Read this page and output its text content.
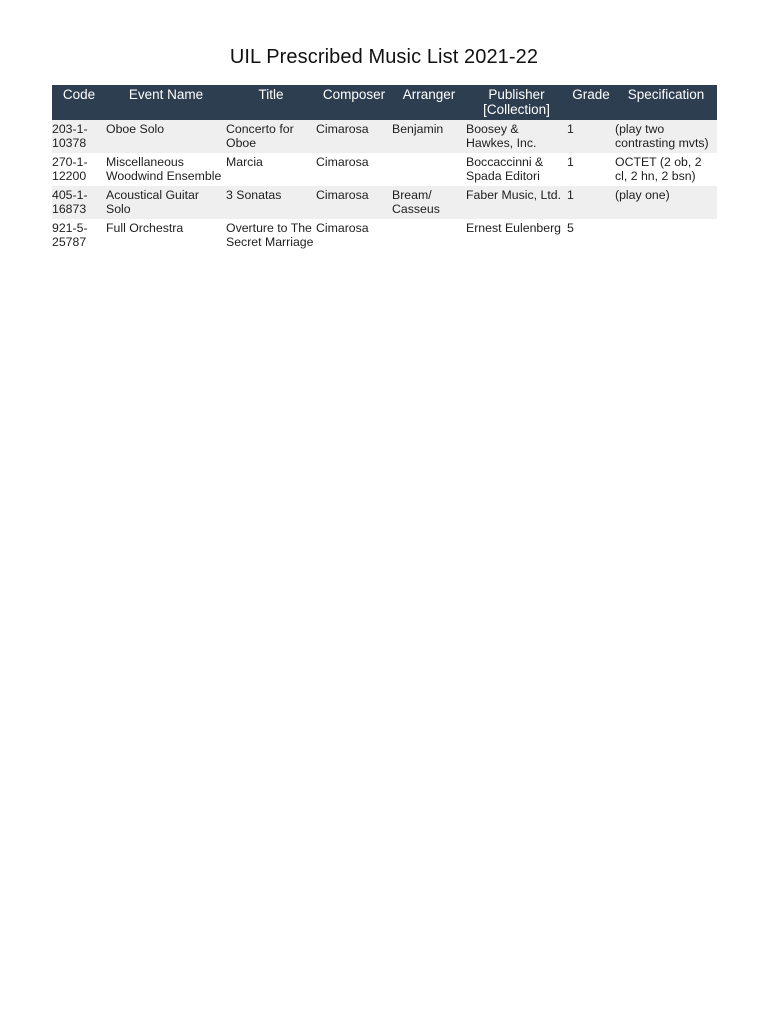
UIL Prescribed Music List 2021-22
Code	Event Name	Title	Composer	Arranger	Publisher [Collection]	Grade	Specification
203-1-10378	Oboe Solo	Concerto for Oboe	Cimarosa	Benjamin	Boosey & Hawkes, Inc.	1	(play two contrasting mvts)
270-1-12200	Miscellaneous Woodwind Ensemble	Marcia	Cimarosa		Boccaccinni & Spada Editori	1	OCTET (2 ob, 2 cl, 2 hn, 2 bsn)
405-1-16873	Acoustical Guitar Solo	3 Sonatas	Cimarosa	Bream/ Casseus	Faber Music, Ltd.	1	(play one)
921-5-25787	Full Orchestra	Overture to The Secret Marriage	Cimarosa		Ernest Eulenberg	5	
